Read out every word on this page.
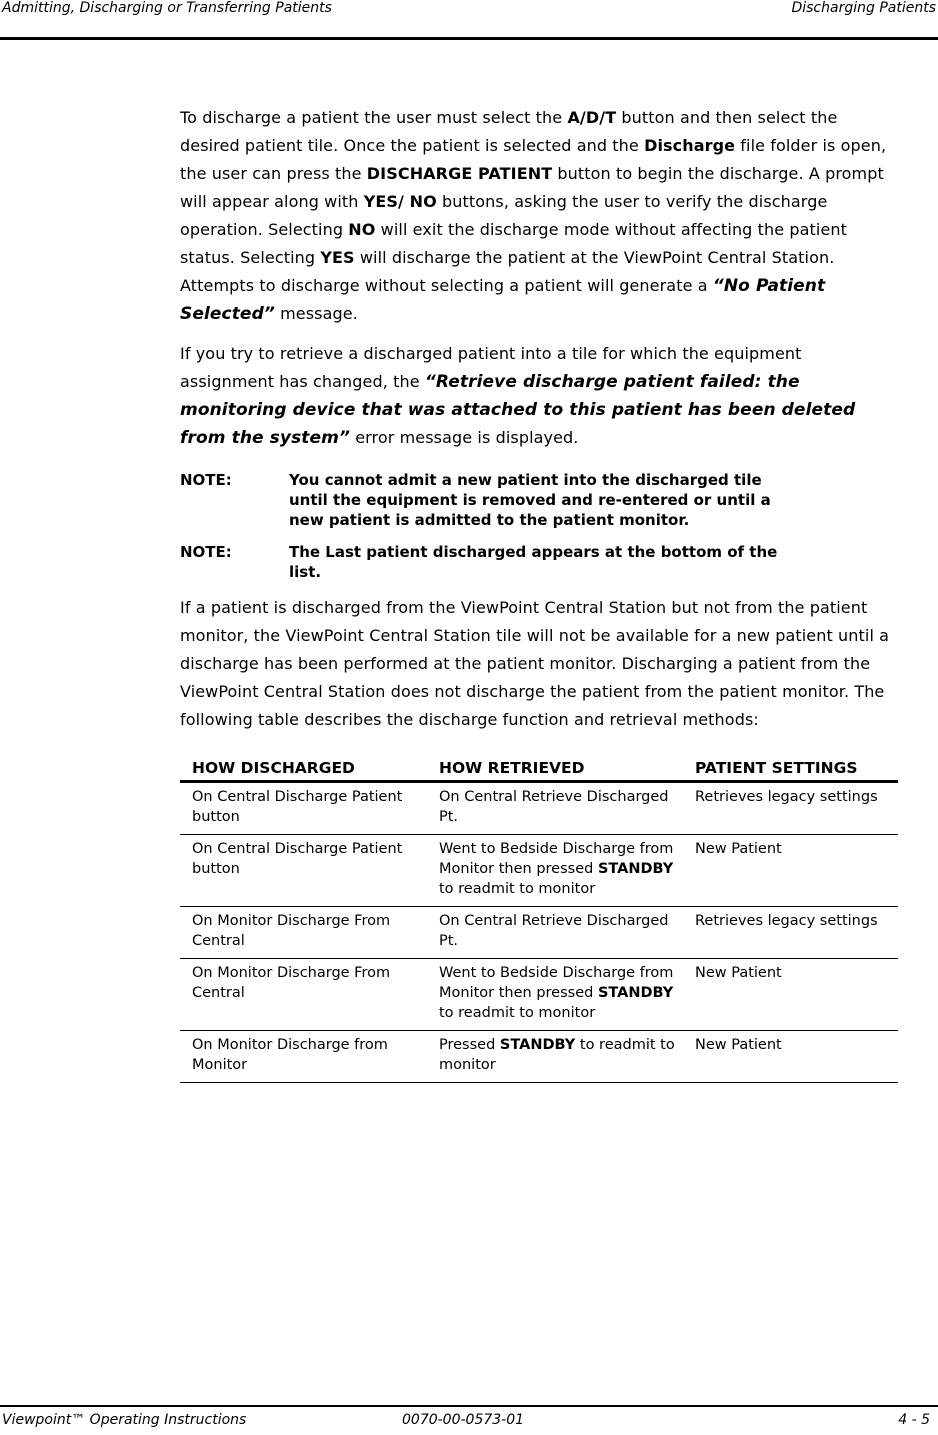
Admitting, Discharging or Transferring Patients	Discharging Patients

To discharge a patient the user must select the A/D/T button and then select the desired patient tile. Once the patient is selected and the Discharge file folder is open, the user can press the DISCHARGE PATIENT button to begin the discharge. A prompt will appear along with YES/ NO buttons, asking the user to verify the discharge operation. Selecting NO will exit the discharge mode without affecting the patient status. Selecting YES will discharge the patient at the ViewPoint Central Station. Attempts to discharge without selecting a patient will generate a “No Patient Selected” message.

If you try to retrieve a discharged patient into a tile for which the equipment assignment has changed, the “Retrieve discharge patient failed: the monitoring device that was attached to this patient has been deleted from the system” error message is displayed.

NOTE:	You cannot admit a new patient into the discharged tile until the equipment is removed and re-entered or until a new patient is admitted to the patient monitor.
NOTE:	The Last patient discharged appears at the bottom of the list.

If a patient is discharged from the ViewPoint Central Station but not from the patient monitor, the ViewPoint Central Station tile will not be available for a new patient until a discharge has been performed at the patient monitor. Discharging a patient from the ViewPoint Central Station does not discharge the patient from the patient monitor. The following table describes the discharge function and retrieval methods:

HOW DISCHARGED	HOW RETRIEVED	PATIENT SETTINGS
On Central Discharge Patient button	On Central Retrieve Discharged Pt.	Retrieves legacy settings
On Central Discharge Patient button	Went to Bedside Discharge from Monitor then pressed STANDBY to readmit to monitor	New Patient
On Monitor Discharge From Central	On Central Retrieve Discharged Pt.	Retrieves legacy settings
On Monitor Discharge From Central	Went to Bedside Discharge from Monitor then pressed STANDBY to readmit to monitor	New Patient
On Monitor Discharge from Monitor	Pressed STANDBY to readmit to monitor	New Patient
Viewpoint™ Operating Instructions	0070-00-0573-01	4 - 5
